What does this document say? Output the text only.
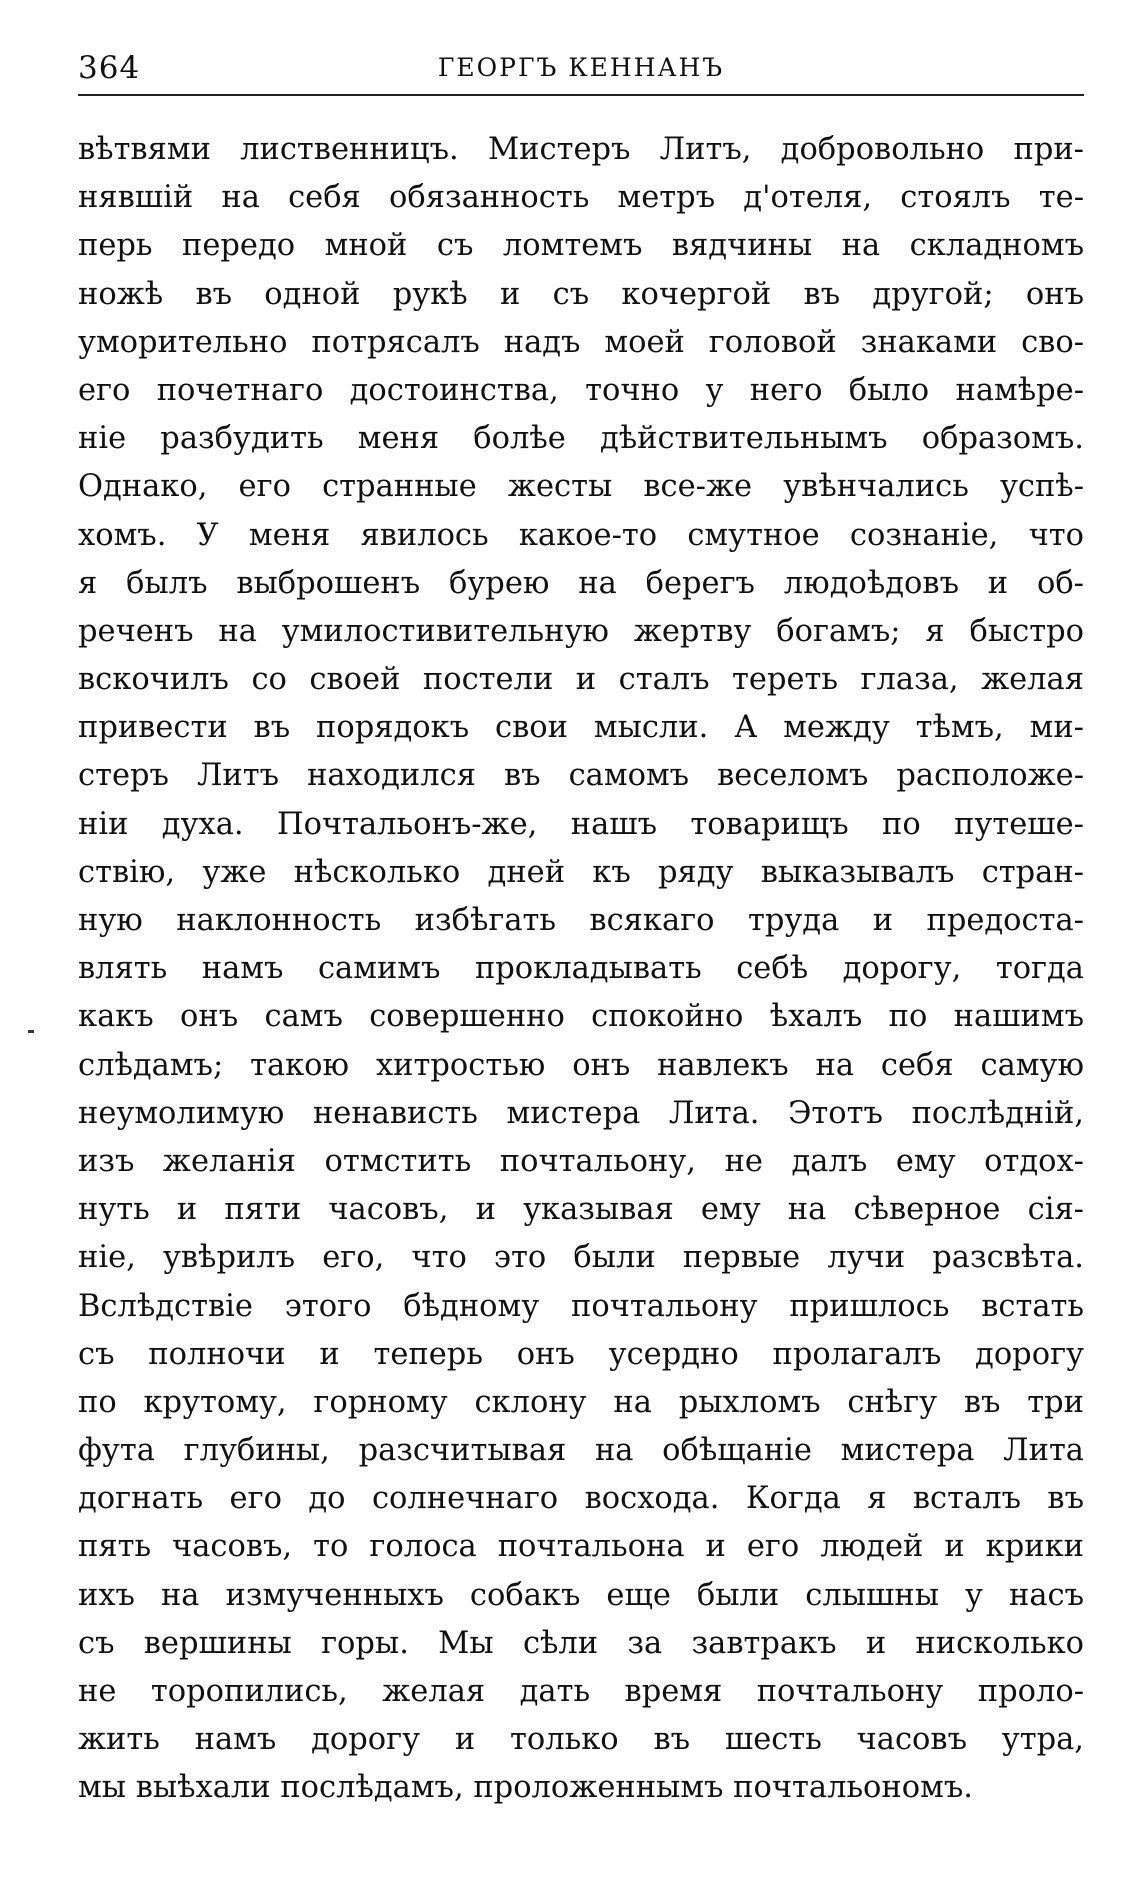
364	ГЕОРГЪ КЕННАНЪ
вѣтвями лиственницъ. Мистеръ Литъ, добровольно при-
нявшій на себя обязанность метръ д'отеля, стоялъ те-
перь передо мной съ ломтемъ вядчины на складномъ
ножѣ въ одной рукѣ и съ кочергой въ другой; онъ
уморительно потрясалъ надъ моей головой знаками сво-
его почетнаго достоинства, точно у него было намѣре-
ніе разбудить меня болѣе дѣйствительнымъ образомъ.
Однако, его странные жесты все-же увѣнчались успѣ-
хомъ. У меня явилось какое-то смутное сознаніе, что
я былъ выброшенъ бурею на берегъ людоѣдовъ и об-
реченъ на умилостивительную жертву богамъ; я быстро
вскочилъ со своей постели и сталъ тереть глаза, желая
привести въ порядокъ свои мысли. А между тѣмъ, ми-
стеръ Литъ находился въ самомъ веселомъ расположе-
ніи духа. Почтальонъ-же, нашъ товарищъ по путеше-
ствію, уже нѣсколько дней къ ряду выказывалъ стран-
ную наклонность избѣгать всякаго труда и предоста-
влять намъ самимъ прокладывать себѣ дорогу, тогда
какъ онъ самъ совершенно спокойно ѣхалъ по нашимъ
слѣдамъ; такою хитростью онъ навлекъ на себя самую
неумолимую ненависть мистера Лита. Этотъ послѣдній,
изъ желанія отмстить почтальону, не далъ ему отдох-
нуть и пяти часовъ, и указывая ему на сѣверное сія-
ніе, увѣрилъ его, что это были первые лучи разсвѣта.
Вслѣдствіе этого бѣдному почтальону пришлось встать
съ полночи и теперь онъ усердно пролагалъ дорогу
по крутому, горному склону на рыхломъ снѣгу въ три
фута глубины, разсчитывая на обѣщаніе мистера Лита
догнать его до солнечнаго восхода. Когда я всталъ въ
пять часовъ, то голоса почтальона и его людей и крики
ихъ на измученныхъ собакъ еще были слышны у насъ
съ вершины горы. Мы сѣли за завтракъ и нисколько
не торопились, желая дать время почтальону проло-
жить намъ дорогу и только въ шесть часовъ утра,
мы выѣхали послѣдамъ, проложеннымъ почтальономъ.
